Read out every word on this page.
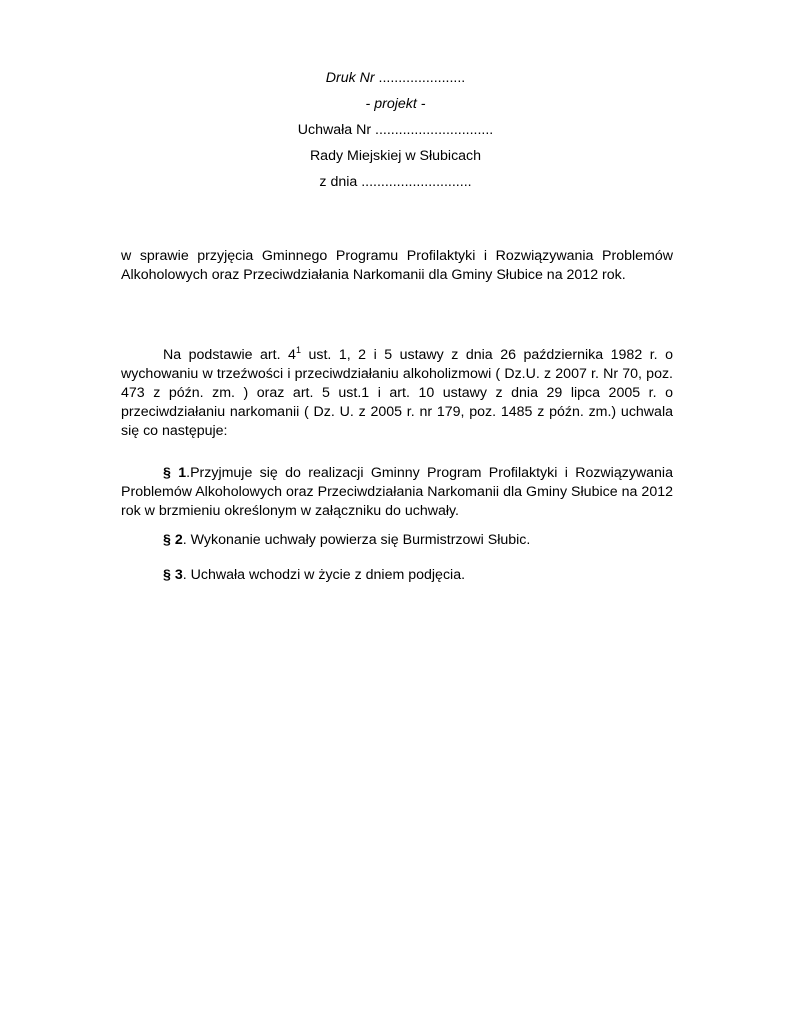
Druk Nr ......................
- projekt -
Uchwała Nr ..............................
Rady Miejskiej w Słubicach
z dnia ............................

w sprawie przyjęcia Gminnego Programu Profilaktyki i Rozwiązywania Problemów Alkoholowych oraz Przeciwdziałania Narkomanii dla Gminy Słubice na 2012 rok.

Na podstawie art. $4^1$ ust. 1, 2 i 5 ustawy z dnia 26 października 1982 r. o wychowaniu w trzeźwości i przeciwdziałaniu alkoholizmowi ( Dz.U. z 2007 r. Nr 70, poz. 473 z późn. zm. ) oraz art. 5 ust.1 i art. 10 ustawy z dnia 29 lipca 2005 r. o przeciwdziałaniu narkomanii ( Dz. U. z 2005 r. nr 179, poz. 1485 z późn. zm.) uchwala się co następuje:

§ 1.Przyjmuje się do realizacji Gminny Program Profilaktyki i Rozwiązywania Problemów Alkoholowych oraz Przeciwdziałania Narkomanii dla Gminy Słubice na 2012 rok w brzmieniu określonym w załączniku do uchwały.

§ 2. Wykonanie uchwały powierza się Burmistrzowi Słubic.

§ 3. Uchwała wchodzi w życie z dniem podjęcia.
